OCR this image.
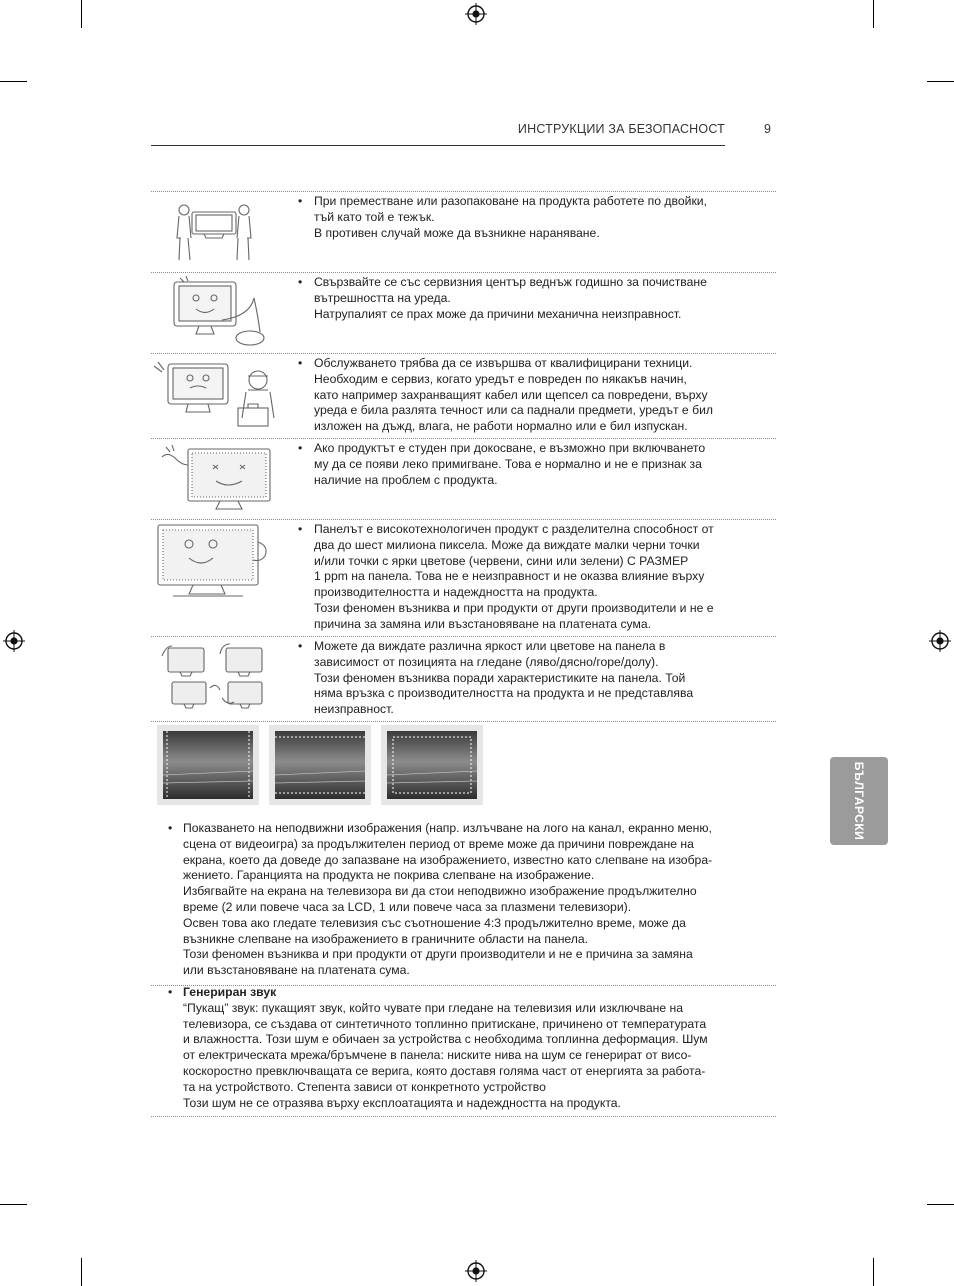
ИНСТРУКЦИИ ЗА БЕЗОПАСНОСТ	9
• При преместване или разопаковане на продукта работете по двойки,
тъй като той е тежък.
В противен случай може да възникне нараняване.
• Свързвайте се със сервизния център веднъж годишно за почистване
вътрешността на уреда.
Натрупалият се прах може да причини механична неизправност.
• Обслужването трябва да се извършва от квалифицирани техници.
Необходим е сервиз, когато уредът е повреден по някакъв начин,
като например захранващият кабел или щепсел са повредени, върху
уреда е била разлята течност или са паднали предмети, уредът е бил
изложен на дъжд, влага, не работи нормално или е бил изпускан.
• Ако продуктът е студен при докосване, е възможно при включването
му да се появи леко примигване. Това е нормално и не е признак за
наличие на проблем с продукта.
• Панелът е високотехнологичен продукт с разделителна способност от
два до шест милиона пиксела. Може да виждате малки черни точки
и/или точки с ярки цветове (червени, сини или зелени) С РАЗМЕР
1 ppm на панела. Това не е неизправност и не оказва влияние върху
производителността и надеждността на продукта.
Този феномен възниква и при продукти от други производители и не е
причина за замяна или възстановяване на платената сума.
• Можете да виждате различна яркост или цветове на панела в
зависимост от позицията на гледане (ляво/дясно/горе/долу).
Този феномен възниква поради характеристиките на панела. Той
няма връзка с производителността на продукта и не представлява
неизправност.
• Показването на неподвижни изображения (напр. излъчване на лого на канал, екранно меню,
сцена от видеоигра) за продължителен период от време може да причини повреждане на
екрана, което да доведе до запазване на изображението, известно като слепване на изобра-
жението. Гаранцията на продукта не покрива слепване на изображение.
Избягвайте на екрана на телевизора ви да стои неподвижно изображение продължително
време (2 или повече часа за LCD, 1 или повече часа за плазмени телевизори).
Освен това ако гледате телевизия със съотношение 4:3 продължително време, може да
възникне слепване на изображението в граничните области на панела.
Този феномен възниква и при продукти от други производители и не е причина за замяна
или възстановяване на платената сума.
• Генериран звук
“Пукащ” звук: пукащият звук, който чувате при гледане на телевизия или изключване на
телевизора, се създава от синтетичното топлинно притискане, причинено от температурата
и влажността. Този шум е обичаен за устройства с необходима топлинна деформация. Шум
от електрическата мрежа/бръмчене в панела: ниските нива на шум се генерират от висо-
коскоростно превключващата се верига, която доставя голяма част от енергията за работа-
та на устройството. Степента зависи от конкретното устройство
Този шум не се отразява върху експлоатацията и надеждността на продукта.
БЪЛГАРСКИ
